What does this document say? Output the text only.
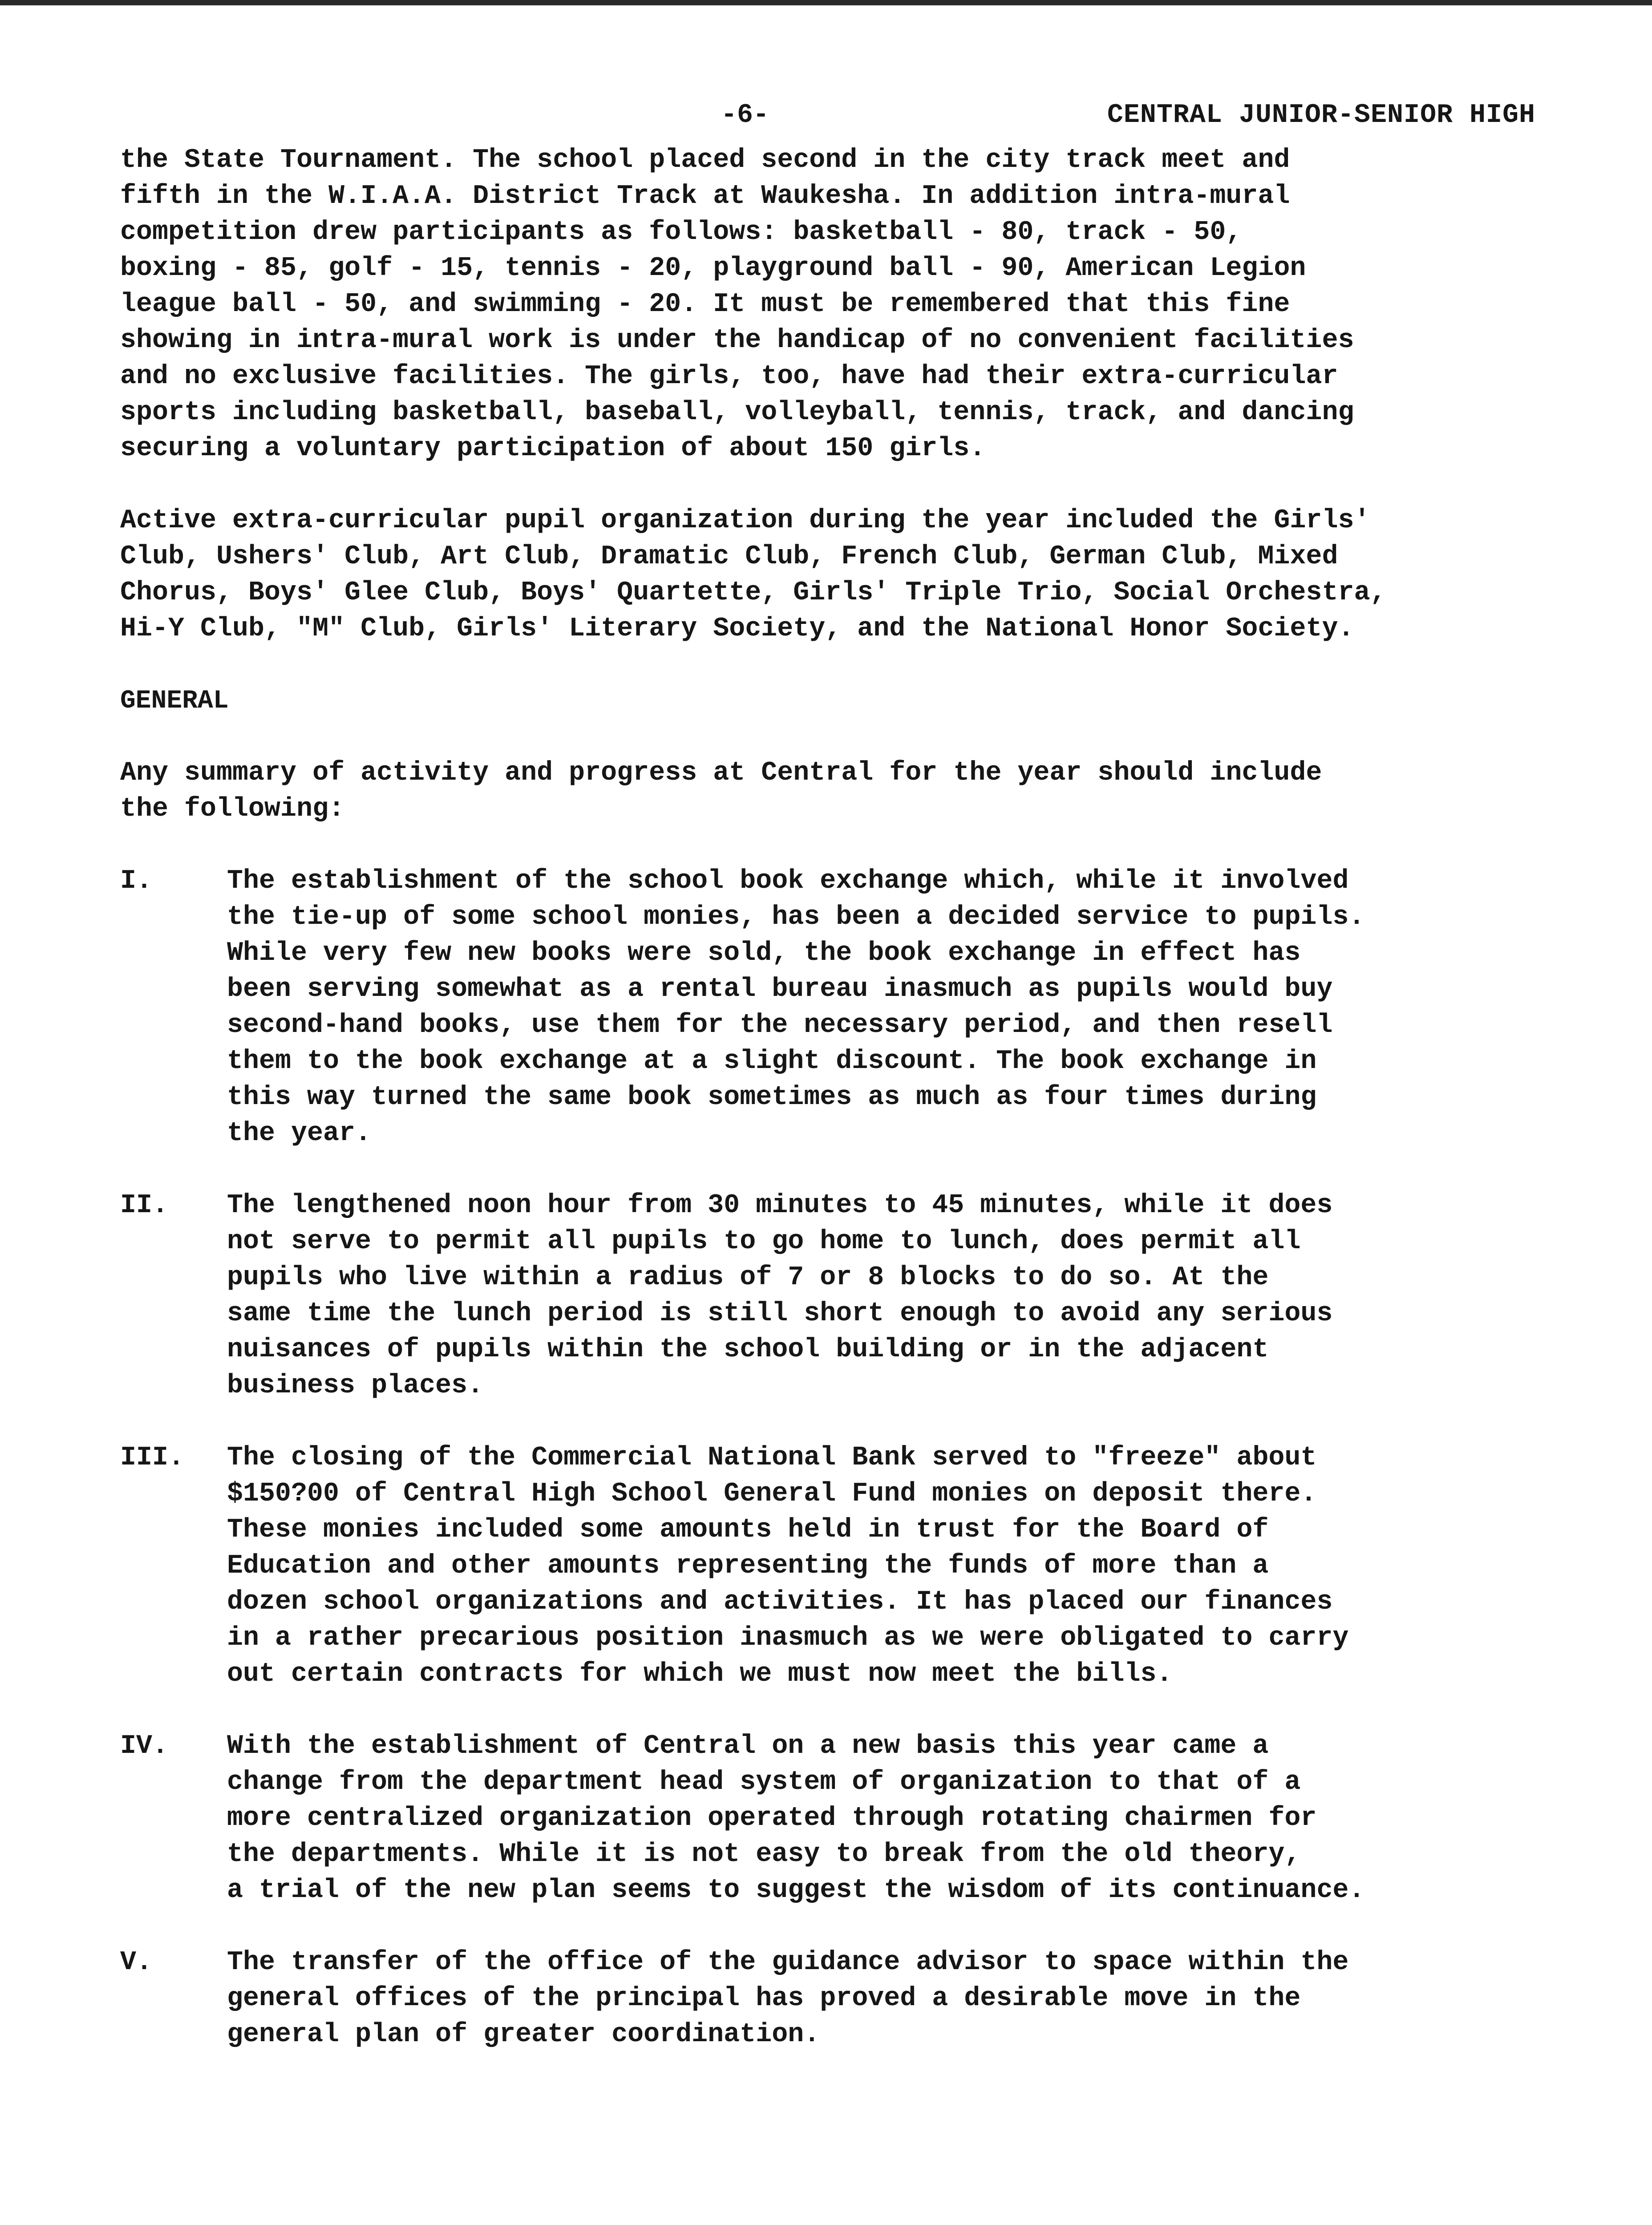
-6-	CENTRAL JUNIOR-SENIOR HIGH

the State Tournament. The school placed second in the city track meet and
fifth in the W.I.A.A. District Track at Waukesha. In addition intra-mural
competition drew participants as follows: basketball - 80, track - 50,
boxing - 85, golf - 15, tennis - 20, playground ball - 90, American Legion
league ball - 50, and swimming - 20. It must be remembered that this fine
showing in intra-mural work is under the handicap of no convenient facilities
and no exclusive facilities. The girls, too, have had their extra-curricular
sports including basketball, baseball, volleyball, tennis, track, and dancing
securing a voluntary participation of about 150 girls.

Active extra-curricular pupil organization during the year included the Girls'
Club, Ushers' Club, Art Club, Dramatic Club, French Club, German Club, Mixed
Chorus, Boys' Glee Club, Boys' Quartette, Girls' Triple Trio, Social Orchestra,
Hi-Y Club, "M" Club, Girls' Literary Society, and the National Honor Society.

GENERAL

Any summary of activity and progress at Central for the year should include
the following:

I.	The establishment of the school book exchange which, while it involved
the tie-up of some school monies, has been a decided service to pupils.
While very few new books were sold, the book exchange in effect has
been serving somewhat as a rental bureau inasmuch as pupils would buy
second-hand books, use them for the necessary period, and then resell
them to the book exchange at a slight discount. The book exchange in
this way turned the same book sometimes as much as four times during
the year.

II.	The lengthened noon hour from 30 minutes to 45 minutes, while it does
not serve to permit all pupils to go home to lunch, does permit all
pupils who live within a radius of 7 or 8 blocks to do so. At the
same time the lunch period is still short enough to avoid any serious
nuisances of pupils within the school building or in the adjacent
business places.

III.	The closing of the Commercial National Bank served to "freeze" about
$150?00 of Central High School General Fund monies on deposit there.
These monies included some amounts held in trust for the Board of
Education and other amounts representing the funds of more than a
dozen school organizations and activities. It has placed our finances
in a rather precarious position inasmuch as we were obligated to carry
out certain contracts for which we must now meet the bills.

IV.	With the establishment of Central on a new basis this year came a
change from the department head system of organization to that of a
more centralized organization operated through rotating chairmen for
the departments. While it is not easy to break from the old theory,
a trial of the new plan seems to suggest the wisdom of its continuance.

V.	The transfer of the office of the guidance advisor to space within the
general offices of the principal has proved a desirable move in the
general plan of greater coordination.
